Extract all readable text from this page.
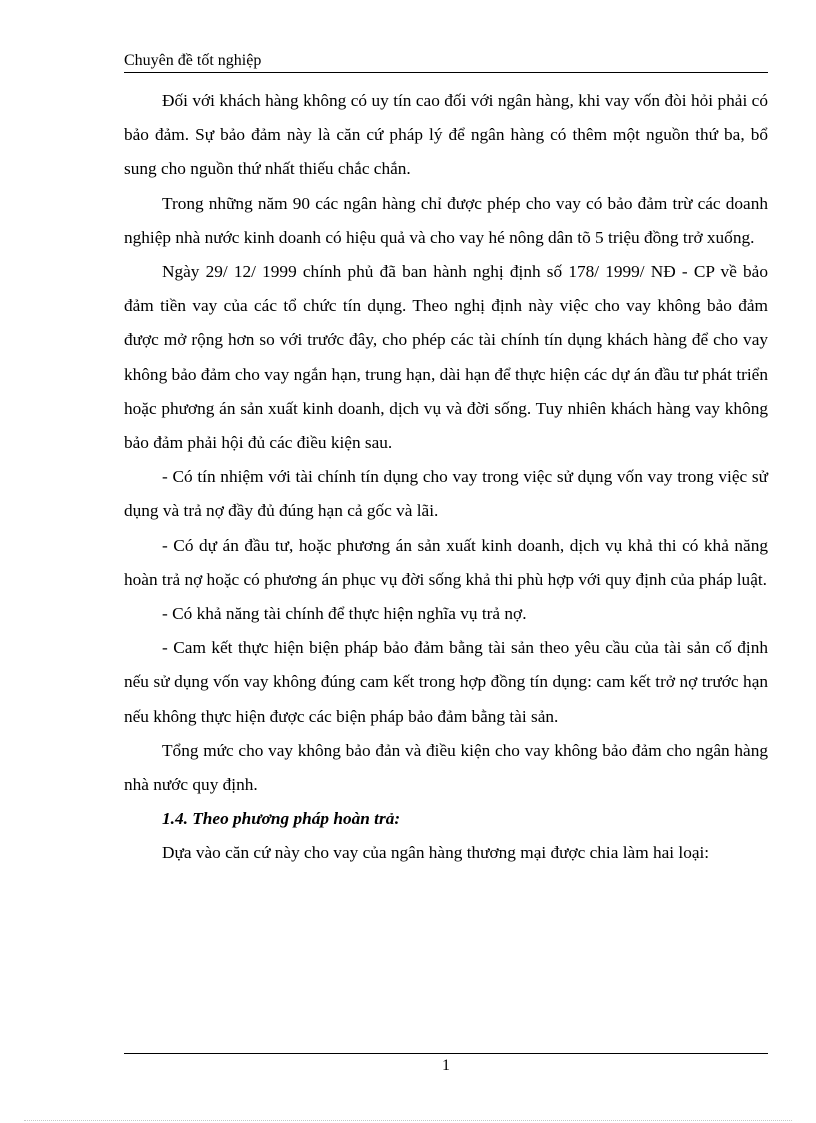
Chuyên đề tốt nghiệp

Đối với khách hàng không có uy tín cao đối với ngân hàng, khi vay vốn đòi hỏi phải có bảo đảm. Sự bảo đảm này là căn cứ pháp lý để ngân hàng có thêm một nguồn thứ ba, bổ sung cho nguồn thứ nhất thiếu chắc chắn.

Trong những năm 90 các ngân hàng chỉ được phép cho vay có bảo đảm trừ các doanh nghiệp nhà nước kinh doanh có hiệu quả và cho vay hé nông dân tõ 5 triệu đồng trở xuống.

Ngày 29/ 12/ 1999 chính phủ đã ban hành nghị định số 178/ 1999/ NĐ - CP về bảo đảm tiền vay của các tổ chức tín dụng. Theo nghị định này việc cho vay không bảo đảm được mở rộng hơn so với trước đây, cho phép các tài chính tín dụng khách hàng để cho vay không bảo đảm cho vay ngắn hạn, trung hạn, dài hạn để thực hiện các dự án đầu tư phát triển hoặc phương án sản xuất kinh doanh, dịch vụ và đời sống. Tuy nhiên khách hàng vay không bảo đảm phải hội đủ các điều kiện sau.

- Có tín nhiệm với tài chính tín dụng cho vay trong việc sử dụng vốn vay trong việc sử dụng và trả nợ đầy đủ đúng hạn cả gốc và lãi.

- Có dự án đầu tư, hoặc phương án sản xuất kinh doanh, dịch vụ khả thi có khả năng hoàn trả nợ hoặc có phương án phục vụ đời sống khả thi phù hợp với quy định của pháp luật.

- Có khả năng tài chính để thực hiện nghĩa vụ trả nợ.

- Cam kết thực hiện biện pháp bảo đảm bằng tài sản theo yêu cầu của tài sản cố định nếu sử dụng vốn vay không đúng cam kết trong hợp đồng tín dụng: cam kết trở nợ trước hạn nếu không thực hiện được các biện pháp bảo đảm bằng tài sản.

Tổng mức cho vay không bảo đản và điều kiện cho vay không bảo đảm cho ngân hàng nhà nước quy định.

1.4. Theo phương pháp hoàn trả:

Dựa vào căn cứ này cho vay của ngân hàng thương mại được chia làm hai loại:

1
